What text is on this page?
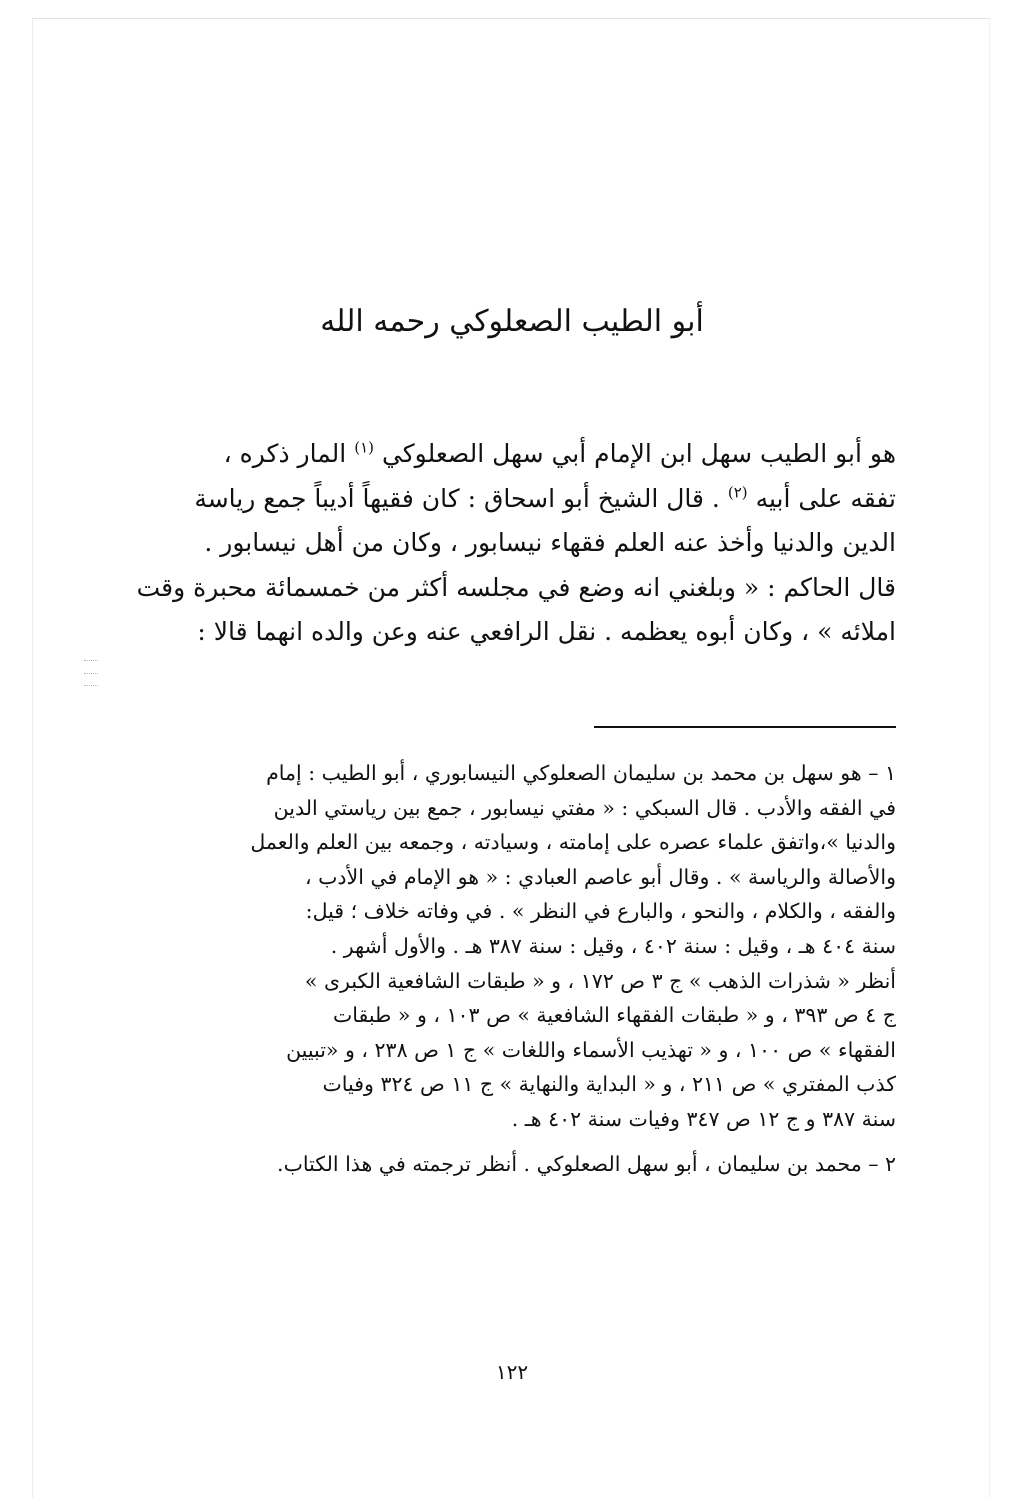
أبو الطيب الصعلوكي رحمه الله
هو أبو الطيب سهل ابن الإمام أبي سهل الصعلوكي $^{(١)}$ المار ذكره ،
تفقه على أبيه $^{(٢)}$ . قال الشيخ أبو اسحاق : كان فقيهاً أديباً جمع رياسة
الدين والدنيا وأخذ عنه العلم فقهاء نيسابور ، وكان من أهل نيسابور .
قال الحاكم : « وبلغني انه وضع في مجلسه أكثر من خمسمائة محبرة وقت
املائه » ، وكان أبوه يعظمه . نقل الرافعي عنه وعن والده انهما قالا :

١ – هو سهل بن محمد بن سليمان الصعلوكي النيسابوري ، أبو الطيب : إمام
في الفقه والأدب . قال السبكي : « مفتي نيسابور ، جمع بين رياستي الدين
والدنيا »،واتفق علماء عصره على إمامته ، وسيادته ، وجمعه بين العلم والعمل
والأصالة والرياسة » . وقال أبو عاصم العبادي : « هو الإمام في الأدب ،
والفقه ، والكلام ، والنحو ، والبارع في النظر » . في وفاته خلاف ؛ قيل:
سنة ٤٠٤ هـ ، وقيل : سنة ٤٠٢ ، وقيل : سنة ٣٨٧ هـ . والأول أشهر .
أنظر « شذرات الذهب » ج ٣ ص ١٧٢ ، و « طبقات الشافعية الكبرى »
ج ٤ ص ٣٩٣ ، و « طبقات الفقهاء الشافعية » ص ١٠٣ ، و « طبقات
الفقهاء » ص ١٠٠ ، و « تهذيب الأسماء واللغات » ج ١ ص ٢٣٨ ، و «تبيين
كذب المفتري » ص ٢١١ ، و « البداية والنهاية » ج ١١ ص ٣٢٤ وفيات
سنة ٣٨٧ و ج ١٢ ص ٣٤٧ وفيات سنة ٤٠٢ هـ .

٢ – محمد بن سليمان ، أبو سهل الصعلوكي . أنظر ترجمته في هذا الكتاب.

١٢٢
